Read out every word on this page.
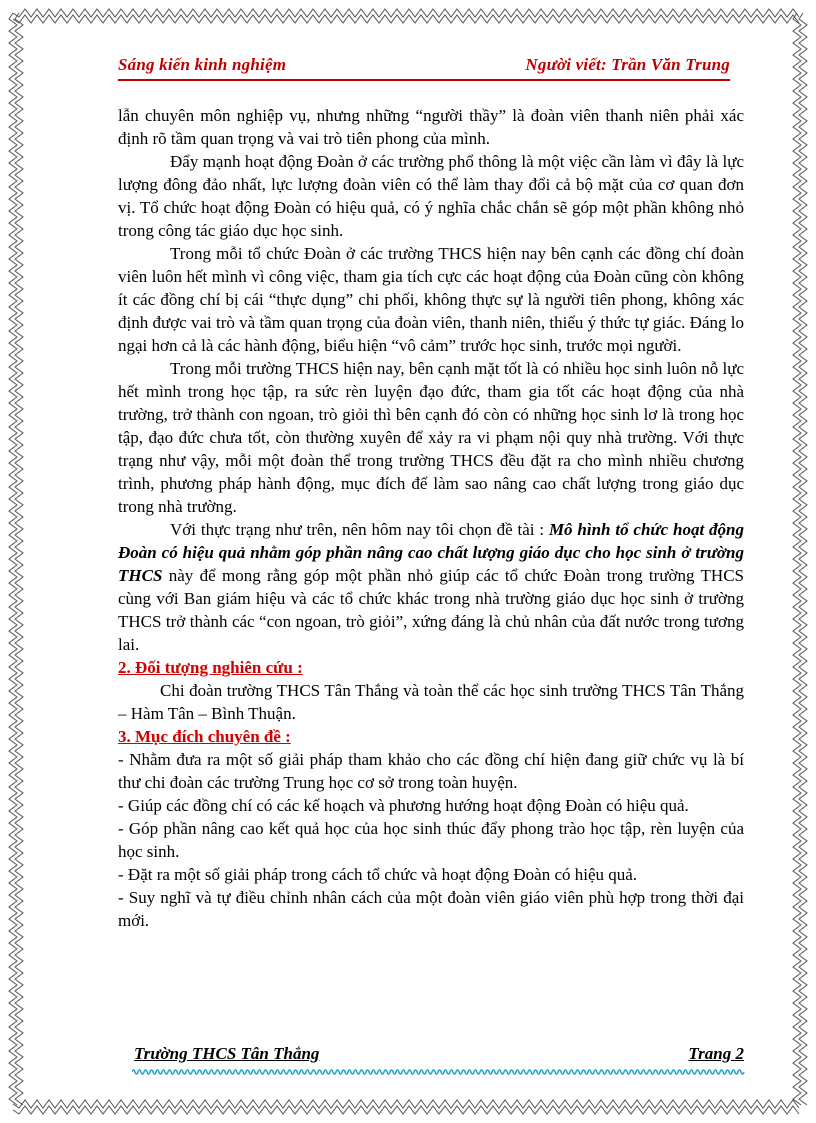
Sáng kiến kinh nghiệm	Người viết: Trần Văn Trung

lẫn chuyên môn nghiệp vụ, nhưng những “người thầy” là đoàn viên thanh niên phải xác định rõ tầm quan trọng và vai trò tiên phong của mình.

Đẩy mạnh hoạt động Đoàn ở các trường phổ thông là một việc cần làm vì đây là lực lượng đông đảo nhất, lực lượng đoàn viên có thể làm thay đổi cả bộ mặt của cơ quan đơn vị. Tổ chức hoạt động Đoàn có hiệu quả, có ý nghĩa chắc chắn sẽ góp một phần không nhỏ trong công tác giáo dục học sinh.

Trong mỗi tổ chức Đoàn ở các trường THCS hiện nay bên cạnh các đồng chí đoàn viên luôn hết mình vì công việc, tham gia tích cực các hoạt động của Đoàn cũng còn không ít các đồng chí bị cái “thực dụng” chi phối, không thực sự là người tiên phong, không xác định được vai trò và tầm quan trọng của đoàn viên, thanh niên, thiếu ý thức tự giác. Đáng lo ngại hơn cả là các hành động, biểu hiện “vô cảm” trước học sinh, trước mọi người.

Trong mỗi trường THCS hiện nay, bên cạnh mặt tốt là có nhiều học sinh luôn nỗ lực hết mình trong học tập, ra sức rèn luyện đạo đức, tham gia tốt các hoạt động của nhà trường, trở thành con ngoan, trò giỏi thì bên cạnh đó còn có những học sinh lơ là trong học tập, đạo đức chưa tốt, còn thường xuyên để xảy ra vi phạm nội quy nhà trường. Với thực trạng như vậy, mỗi một đoàn thể trong trường THCS đều đặt ra cho mình nhiều chương trình, phương pháp hành động, mục đích để làm sao nâng cao chất lượng trong giáo dục trong nhà trường.

Với thực trạng như trên, nên hôm nay tôi chọn đề tài : Mô hình tổ chức hoạt động Đoàn có hiệu quả nhằm góp phần nâng cao chất lượng giáo dục cho học sinh ở trường THCS này để mong rằng góp một phần nhỏ giúp các tổ chức Đoàn trong trường THCS cùng với Ban giám hiệu và các tổ chức khác trong nhà trường giáo dục học sinh ở trường THCS trở thành các “con ngoan, trò giỏi”, xứng đáng là chủ nhân của đất nước trong tương lai.

2. Đối tượng nghiên cứu :

Chi đoàn trường THCS Tân Thắng và toàn thể các học sinh trường THCS Tân Thắng – Hàm Tân – Bình Thuận.

3. Mục đích chuyên đề :

- Nhằm đưa ra một số giải pháp tham khảo cho các đồng chí hiện đang giữ chức vụ là bí thư chi đoàn các trường Trung học cơ sở trong toàn huyện.

- Giúp các đồng chí có các kế hoạch và phương hướng hoạt động Đoàn có hiệu quả.

- Góp phần nâng cao kết quả học của học sinh thúc đẩy phong trào học tập, rèn luyện của học sinh.

- Đặt ra một số giải pháp trong cách tổ chức và hoạt động Đoàn có hiệu quả.

- Suy nghĩ và tự điều chỉnh nhân cách của một đoàn viên giáo viên phù hợp trong thời đại mới.

Trường THCS Tân Thắng	Trang 2
